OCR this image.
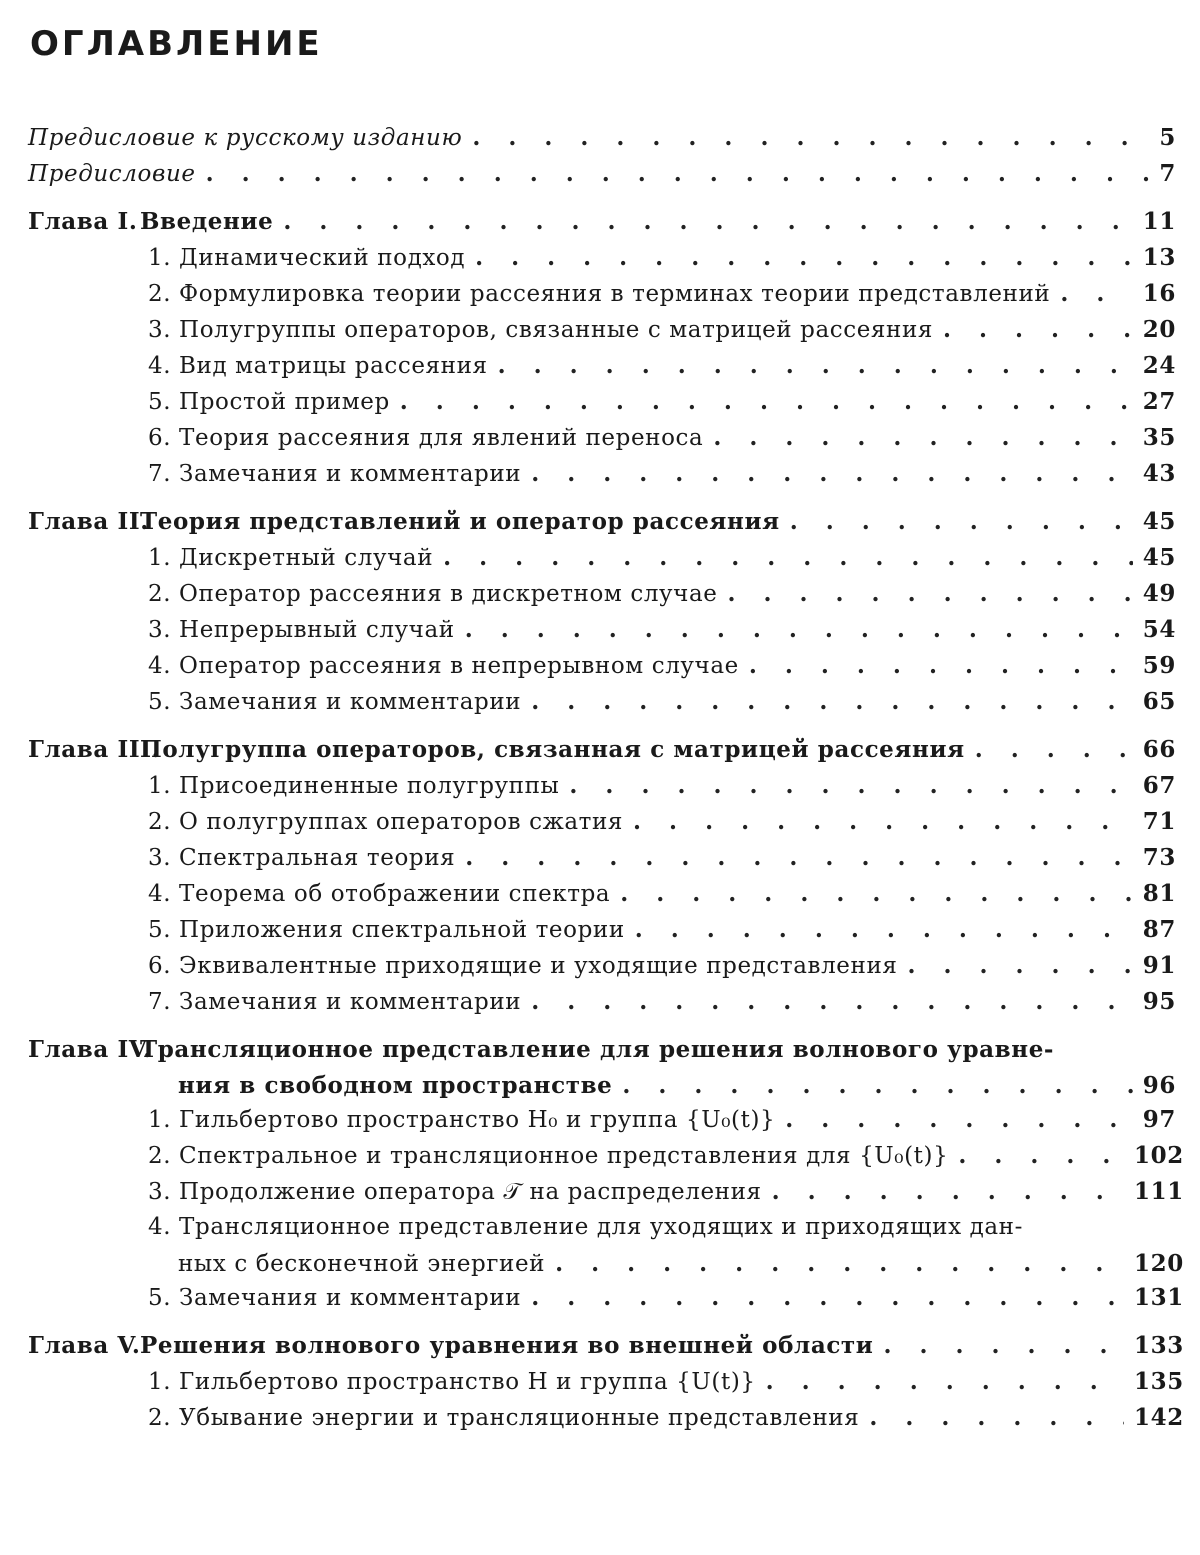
ОГЛАВЛЕНИЕ
Предисловие к русскому изданию . . .	5
Предисловие . . .	7
Глава I. Введение . . .	11
1. Динамический подход . . .	13
2. Формулировка теории рассеяния в терминах теории представлений . . .	16
3. Полугруппы операторов, связанные с матрицей рассеяния . . .	20
4. Вид матрицы рассеяния . . .	24
5. Простой пример . . .	27
6. Теория рассеяния для явлений переноса . . .	35
7. Замечания и комментарии . . .	43
Глава II.Теория представлений и оператор рассеяния . . .	45
1. Дискретный случай . . .	45
2. Оператор рассеяния в дискретном случае . . .	49
3. Непрерывный случай . . .	54
4. Оператор рассеяния в непрерывном случае . . .	59
5. Замечания и комментарии . . .	65
Глава III.Полугруппа операторов, связанная с матрицей рассеяния . . .	66
1. Присоединенные полугруппы . . .	67
2. О полугруппах операторов сжатия . . .	71
3. Спектральная теория . . .	73
4. Теорема об отображении спектра . . .	81
5. Приложения спектральной теории . . .	87
6. Эквивалентные приходящие и уходящие представления . . .	91
7. Замечания и комментарии . . .	95
Глава IV.Трансляционное представление для решения волнового уравне-
ния в свободном пространстве . . .	96
1. Гильбертово пространство H₀ и группа {U₀(t)} . . .	97
2. Спектральное и трансляционное представления для {U₀(t)} . . .	102
3. Продолжение оператора 𝒯 на распределения . . .	111
4. Трансляционное представление для уходящих и приходящих дан-
ных с бесконечной энергией . . .	120
5. Замечания и комментарии . . .	131
Глава V.Решения волнового уравнения во внешней области . . .	133
1. Гильбертово пространство H и группа {U(t)} . . .	135
2. Убывание энергии и трансляционные представления . . .	142
